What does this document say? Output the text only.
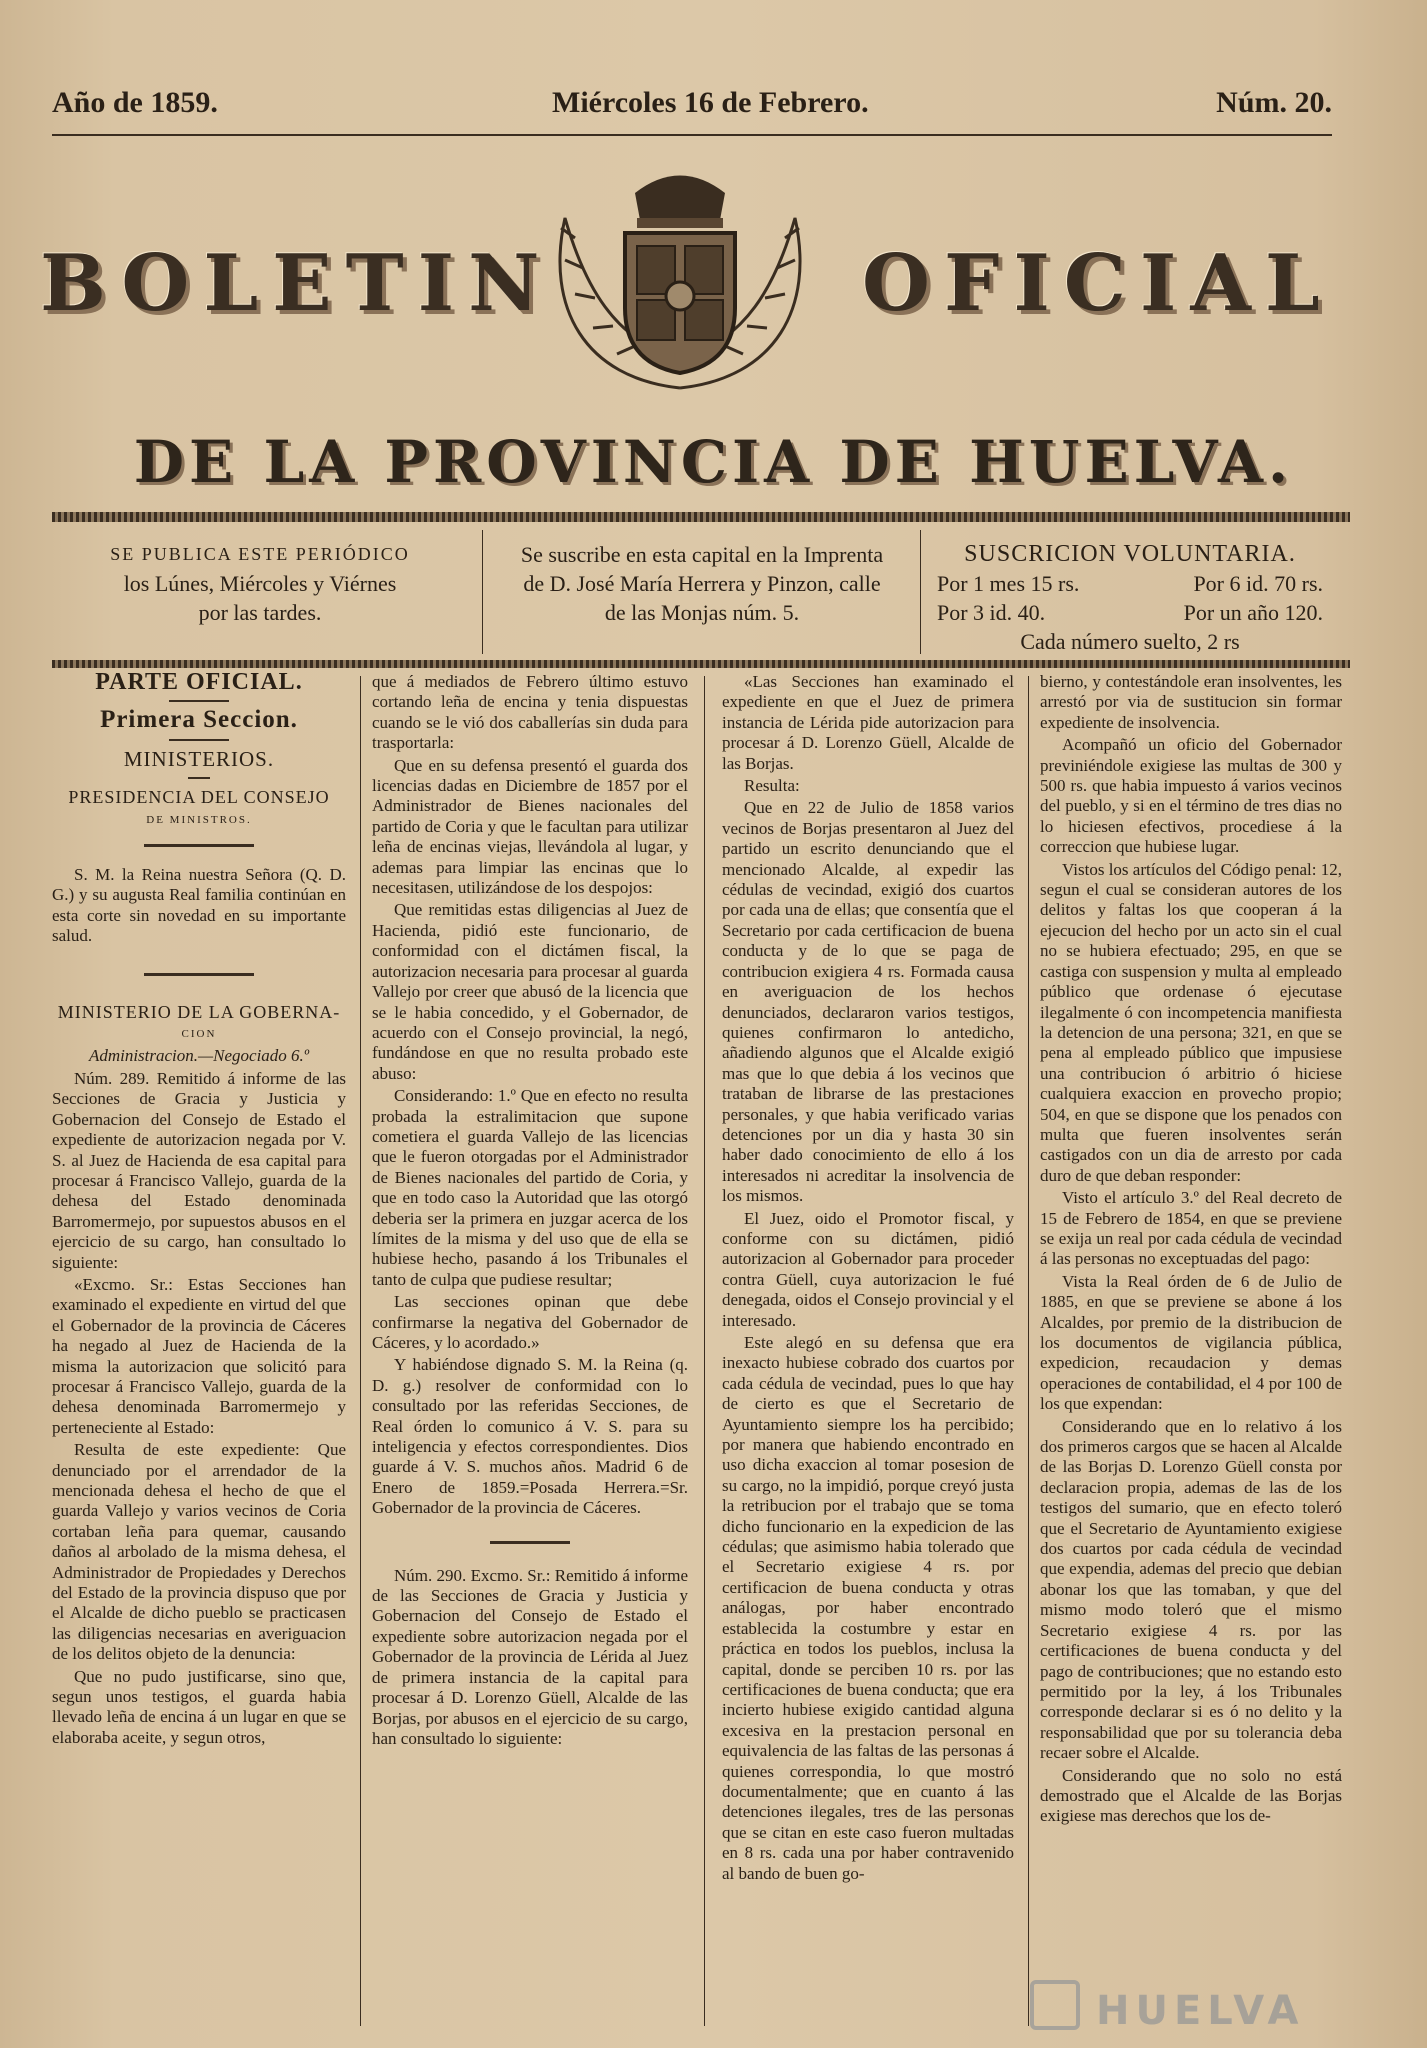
Año de 1859.	Miércoles 16 de Febrero.	Núm. 20.
BOLETIN	OFICIAL
DE LA PROVINCIA DE HUELVA.
SE PUBLICA ESTE PERIÓDICO
los Lúnes, Miércoles y Viérnes
por las tardes.
Se suscribe en esta capital en la Imprenta
de D. José María Herrera y Pinzon, calle
de las Monjas núm. 5.
SUSCRICION VOLUNTARIA.
Por 1 mes 15 rs.	Por 6 id. 70 rs.
Por 3 id. 40.	Por un año 120.
Cada número suelto, 2 rs

PARTE OFICIAL.

Primera Seccion.

MINISTERIOS.

PRESIDENCIA DEL CONSEJO

DE MINISTROS.

S. M. la Reina nuestra Señora (Q. D. G.) y su augusta Real familia continúan en esta corte sin novedad en su importante salud.

MINISTERIO DE LA GOBERNA-

CION

Administracion.—Negociado 6.º

Núm. 289. Remitido á informe de las Secciones de Gracia y Justicia y Gobernacion del Consejo de Estado el expediente de autorizacion negada por V. S. al Juez de Hacienda de esa capital para procesar á Francisco Vallejo, guarda de la dehesa del Estado denominada Barromermejo, por supuestos abusos en el ejercicio de su cargo, han consultado lo siguiente:

«Excmo. Sr.: Estas Secciones han examinado el expediente en virtud del que el Gobernador de la provincia de Cáceres ha negado al Juez de Hacienda de la misma la autorizacion que solicitó para procesar á Francisco Vallejo, guarda de la dehesa denominada Barromermejo y perteneciente al Estado:

Resulta de este expediente: Que denunciado por el arrendador de la mencionada dehesa el hecho de que el guarda Vallejo y varios vecinos de Coria cortaban leña para quemar, causando daños al arbolado de la misma dehesa, el Administrador de Propiedades y Derechos del Estado de la provincia dispuso que por el Alcalde de dicho pueblo se practicasen las diligencias necesarias en averiguacion de los delitos objeto de la denuncia:

Que no pudo justificarse, sino que, segun unos testigos, el guarda habia llevado leña de encina á un lugar en que se elaboraba aceite, y segun otros,

que á mediados de Febrero último estuvo cortando leña de encina y tenia dispuestas cuando se le vió dos caballerías sin duda para trasportarla:

Que en su defensa presentó el guarda dos licencias dadas en Diciembre de 1857 por el Administrador de Bienes nacionales del partido de Coria y que le facultan para utilizar leña de encinas viejas, llevándola al lugar, y ademas para limpiar las encinas que lo necesitasen, utilizándose de los despojos:

Que remitidas estas diligencias al Juez de Hacienda, pidió este funcionario, de conformidad con el dictámen fiscal, la autorizacion necesaria para procesar al guarda Vallejo por creer que abusó de la licencia que se le habia concedido, y el Gobernador, de acuerdo con el Consejo provincial, la negó, fundándose en que no resulta probado este abuso:

Considerando: 1.º Que en efecto no resulta probada la estralimitacion que supone cometiera el guarda Vallejo de las licencias que le fueron otorgadas por el Administrador de Bienes nacionales del partido de Coria, y que en todo caso la Autoridad que las otorgó deberia ser la primera en juzgar acerca de los límites de la misma y del uso que de ella se hubiese hecho, pasando á los Tribunales el tanto de culpa que pudiese resultar;

Las secciones opinan que debe confirmarse la negativa del Gobernador de Cáceres, y lo acordado.»

Y habiéndose dignado S. M. la Reina (q. D. g.) resolver de conformidad con lo consultado por las referidas Secciones, de Real órden lo comunico á V. S. para su inteligencia y efectos correspondientes. Dios guarde á V. S. muchos años. Madrid 6 de Enero de 1859.=Posada Herrera.=Sr. Gobernador de la provincia de Cáceres.

Núm. 290. Excmo. Sr.: Remitido á informe de las Secciones de Gracia y Justicia y Gobernacion del Consejo de Estado el expediente sobre autorizacion negada por el Gobernador de la provincia de Lérida al Juez de primera instancia de la capital para procesar á D. Lorenzo Güell, Alcalde de las Borjas, por abusos en el ejercicio de su cargo, han consultado lo siguiente:

«Las Secciones han examinado el expediente en que el Juez de primera instancia de Lérida pide autorizacion para procesar á D. Lorenzo Güell, Alcalde de las Borjas.

Resulta:

Que en 22 de Julio de 1858 varios vecinos de Borjas presentaron al Juez del partido un escrito denunciando que el mencionado Alcalde, al expedir las cédulas de vecindad, exigió dos cuartos por cada una de ellas; que consentía que el Secretario por cada certificacion de buena conducta y de lo que se paga de contribucion exigiera 4 rs. Formada causa en averiguacion de los hechos denunciados, declararon varios testigos, quienes confirmaron lo antedicho, añadiendo algunos que el Alcalde exigió mas que lo que debia á los vecinos que trataban de librarse de las prestaciones personales, y que habia verificado varias detenciones por un dia y hasta 30 sin haber dado conocimiento de ello á los interesados ni acreditar la insolvencia de los mismos.

El Juez, oido el Promotor fiscal, y conforme con su dictámen, pidió autorizacion al Gobernador para proceder contra Güell, cuya autorizacion le fué denegada, oidos el Consejo provincial y el interesado.

Este alegó en su defensa que era inexacto hubiese cobrado dos cuartos por cada cédula de vecindad, pues lo que hay de cierto es que el Secretario de Ayuntamiento siempre los ha percibido; por manera que habiendo encontrado en uso dicha exaccion al tomar posesion de su cargo, no la impidió, porque creyó justa la retribucion por el trabajo que se toma dicho funcionario en la expedicion de las cédulas; que asimismo habia tolerado que el Secretario exigiese 4 rs. por certificacion de buena conducta y otras análogas, por haber encontrado establecida la costumbre y estar en práctica en todos los pueblos, inclusa la capital, donde se perciben 10 rs. por las certificaciones de buena conducta; que era incierto hubiese exigido cantidad alguna excesiva en la prestacion personal en equivalencia de las faltas de las personas á quienes correspondia, lo que mostró documentalmente; que en cuanto á las detenciones ilegales, tres de las personas que se citan en este caso fueron multadas en 8 rs. cada una por haber contravenido al bando de buen go-

bierno, y contestándole eran insolventes, les arrestó por via de sustitucion sin formar expediente de insolvencia.

Acompañó un oficio del Gobernador previniéndole exigiese las multas de 300 y 500 rs. que habia impuesto á varios vecinos del pueblo, y si en el término de tres dias no lo hiciesen efectivos, procediese á la correccion que hubiese lugar.

Vistos los artículos del Código penal: 12, segun el cual se consideran autores de los delitos y faltas los que cooperan á la ejecucion del hecho por un acto sin el cual no se hubiera efectuado; 295, en que se castiga con suspension y multa al empleado público que ordenase ó ejecutase ilegalmente ó con incompetencia manifiesta la detencion de una persona; 321, en que se pena al empleado público que impusiese una contribucion ó arbitrio ó hiciese cualquiera exaccion en provecho propio; 504, en que se dispone que los penados con multa que fueren insolventes serán castigados con un dia de arresto por cada duro de que deban responder:

Visto el artículo 3.º del Real decreto de 15 de Febrero de 1854, en que se previene se exija un real por cada cédula de vecindad á las personas no exceptuadas del pago:

Vista la Real órden de 6 de Julio de 1885, en que se previene se abone á los Alcaldes, por premio de la distribucion de los documentos de vigilancia pública, expedicion, recaudacion y demas operaciones de contabilidad, el 4 por 100 de los que expendan:

Considerando que en lo relativo á los dos primeros cargos que se hacen al Alcalde de las Borjas D. Lorenzo Güell consta por declaracion propia, ademas de las de los testigos del sumario, que en efecto toleró que el Secretario de Ayuntamiento exigiese dos cuartos por cada cédula de vecindad que expendia, ademas del precio que debian abonar los que las tomaban, y que del mismo modo toleró que el mismo Secretario exigiese 4 rs. por las certificaciones de buena conducta y del pago de contribuciones; que no estando esto permitido por la ley, á los Tribunales corresponde declarar si es ó no delito y la responsabilidad que por su tolerancia deba recaer sobre el Alcalde.

Considerando que no solo no está demostrado que el Alcalde de las Borjas exigiese mas derechos que los de-

HUELVA
